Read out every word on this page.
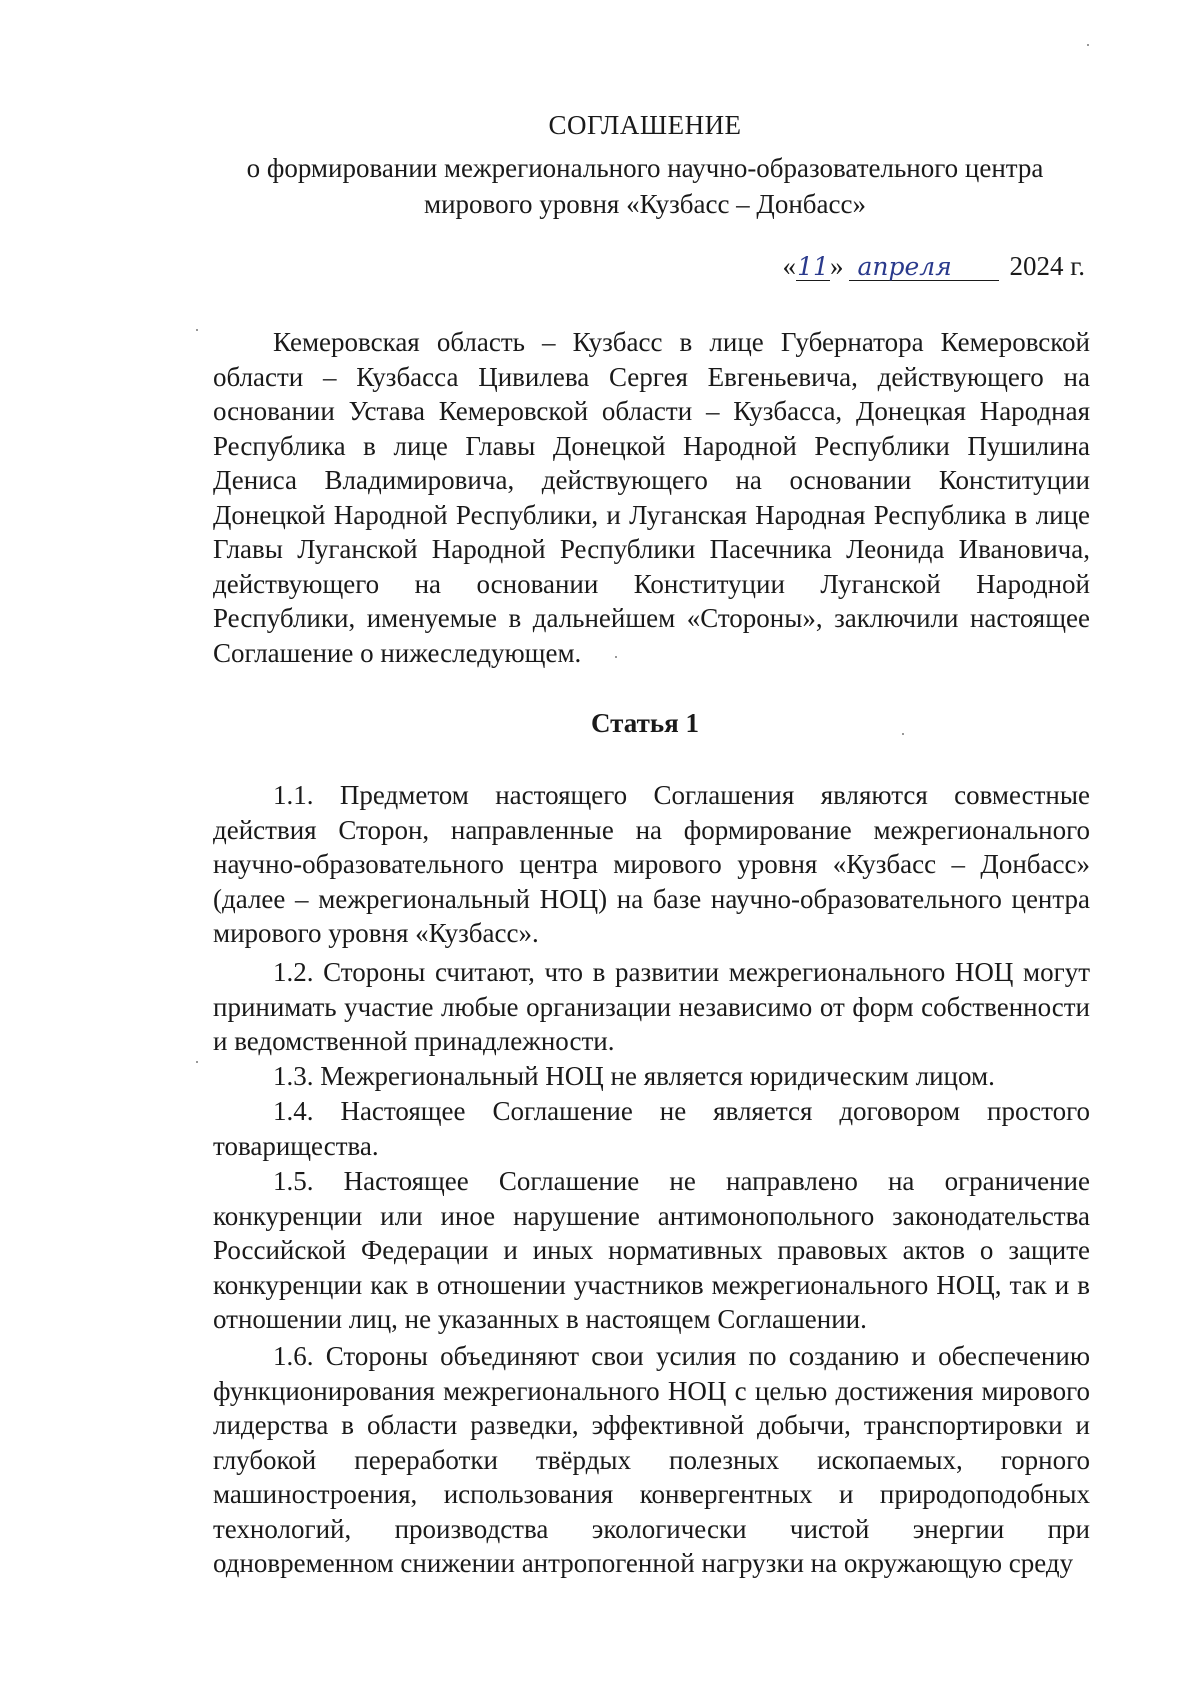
СОГЛАШЕНИЕ
о формировании межрегионального научно-образовательного центра
мирового уровня «Кузбасс – Донбасс»
« 11 » апреля	2024 г.

Кемеровская область – Кузбасс в лице Губернатора Кемеровской области – Кузбасса Цивилева Сергея Евгеньевича, действующего на основании Устава Кемеровской области – Кузбасса, Донецкая Народная Республика в лице Главы Донецкой Народной Республики Пушилина Дениса Владимировича, действующего на основании Конституции Донецкой Народной Республики, и Луганская Народная Республика в лице Главы Луганской Народной Республики Пасечника Леонида Ивановича, действующего на основании Конституции Луганской Народной Республики, именуемые в дальнейшем «Стороны», заключили настоящее Соглашение о нижеследующем.

Статья 1

1.1. Предметом настоящего Соглашения являются совместные действия Сторон, направленные на формирование межрегионального научно-образовательного центра мирового уровня «Кузбасс – Донбасс» (далее – межрегиональный НОЦ) на базе научно-образовательного центра мирового уровня «Кузбасс».

1.2. Стороны считают, что в развитии межрегионального НОЦ могут принимать участие любые организации независимо от форм собственности и ведомственной принадлежности.

1.3. Межрегиональный НОЦ не является юридическим лицом.

1.4. Настоящее Соглашение не является договором простого товарищества.

1.5. Настоящее Соглашение не направлено на ограничение конкуренции или иное нарушение антимонопольного законодательства Российской Федерации и иных нормативных правовых актов о защите конкуренции как в отношении участников межрегионального НОЦ, так и в отношении лиц, не указанных в настоящем Соглашении.

1.6. Стороны объединяют свои усилия по созданию и обеспечению функционирования межрегионального НОЦ с целью достижения мирового лидерства в области разведки, эффективной добычи, транспортировки и глубокой переработки твёрдых полезных ископаемых, горного машиностроения, использования конвергентных и природоподобных технологий, производства экологически чистой энергии при одновременном снижении антропогенной нагрузки на окружающую среду
